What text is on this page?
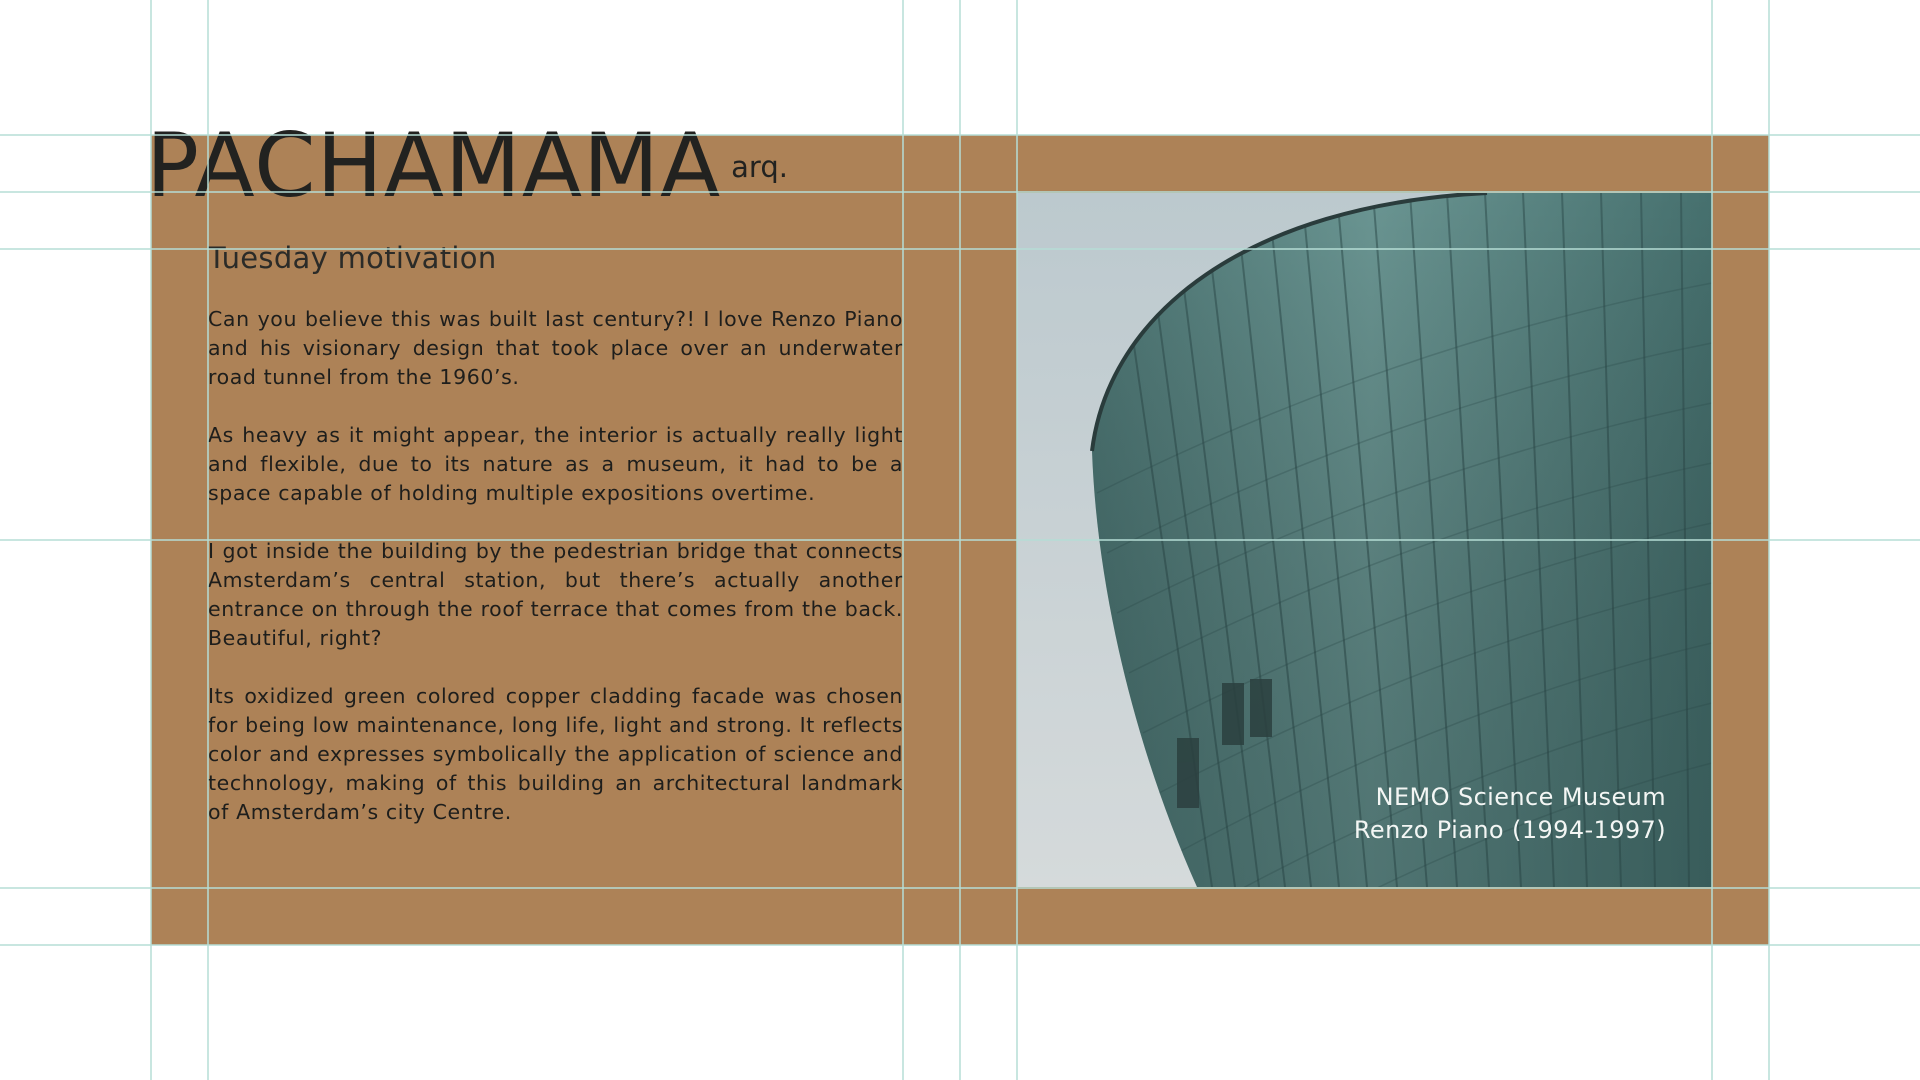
PACHAMAMA arq.
Tuesday motivation

Can you believe this was built last century?! I love Renzo Piano and his visionary design that took place over an underwater road tunnel from the 1960’s.

As heavy as it might appear, the interior is actually really light and flexible, due to its nature as a museum, it had to be a space capable of holding multiple expositions overtime.

I got inside the building by the pedestrian bridge that connects Amsterdam’s central station, but there’s actually another entrance on through the roof terrace that comes from the back. Beautiful, right?

Its oxidized green colored copper cladding facade was chosen for being low maintenance, long life, light and strong. It reflects color and expresses symbolically the application of science and technology, making of this building an architectural landmark of Amsterdam’s city Centre.

NEMO Science Museum
Renzo Piano (1994-1997)
